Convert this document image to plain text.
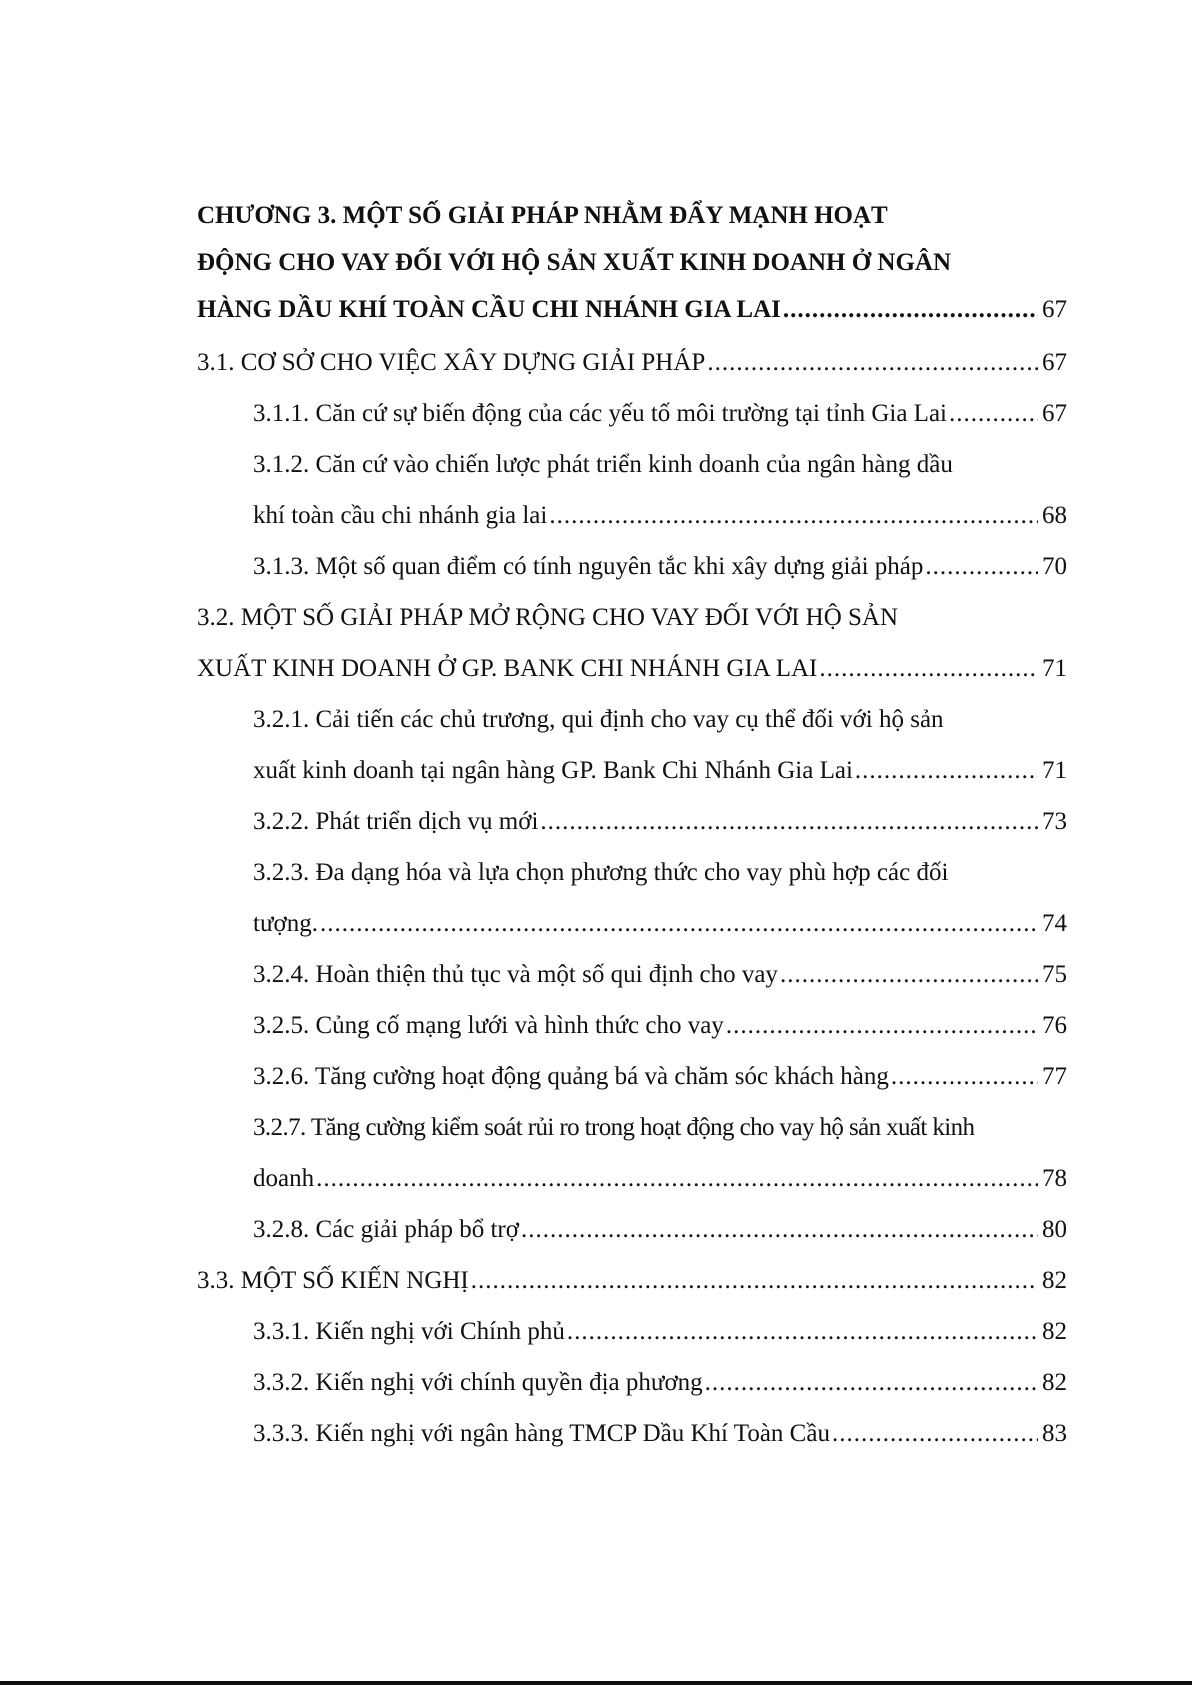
CHƯƠNG 3. MỘT SỐ GIẢI PHÁP NHẰM ĐẨY MẠNH HOẠT
ĐỘNG CHO VAY ĐỐI VỚI HỘ SẢN XUẤT KINH DOANH Ở NGÂN
HÀNG DẦU KHÍ TOÀN CẦU CHI NHÁNH GIA LAI .....	67
3.1. CƠ SỞ CHO VIỆC XÂY DỰNG GIẢI PHÁP .....	67
3.1.1. Căn cứ sự biến động của các yếu tố môi trường tại tỉnh Gia Lai .....	67
3.1.2. Căn cứ vào chiến lược phát triển kinh doanh của ngân hàng dầu
khí toàn cầu chi nhánh gia lai .....	68
3.1.3. Một số quan điểm có tính nguyên tắc khi xây dựng giải pháp .....	70
3.2. MỘT SỐ GIẢI PHÁP MỞ RỘNG CHO VAY ĐỐI VỚI HỘ SẢN
XUẤT KINH DOANH Ở GP. BANK CHI NHÁNH GIA LAI .....	71
3.2.1. Cải tiến các chủ trương, qui định cho vay cụ thể đối với hộ sản
xuất kinh doanh tại ngân hàng GP. Bank Chi Nhánh Gia Lai .....	71
3.2.2. Phát triển dịch vụ mới .....	73
3.2.3. Đa dạng hóa và lựa chọn phương thức cho vay phù hợp các đối
tượng. .....	74
3.2.4. Hoàn thiện thủ tục và một số qui định cho vay .....	75
3.2.5. Củng cố mạng lưới và hình thức cho vay .....	76
3.2.6. Tăng cường hoạt động quảng bá và chăm sóc khách hàng .....	77
3.2.7. Tăng cường kiểm soát rủi ro trong hoạt động cho vay hộ sản xuất kinh
doanh .....	78
3.2.8. Các giải pháp bổ trợ .....	80
3.3. MỘT SỐ KIẾN NGHỊ .....	82
3.3.1. Kiến nghị với Chính phủ .....	82
3.3.2. Kiến nghị với chính quyền địa phương .....	82
3.3.3. Kiến nghị với ngân hàng TMCP Dầu Khí Toàn Cầu .....	83
